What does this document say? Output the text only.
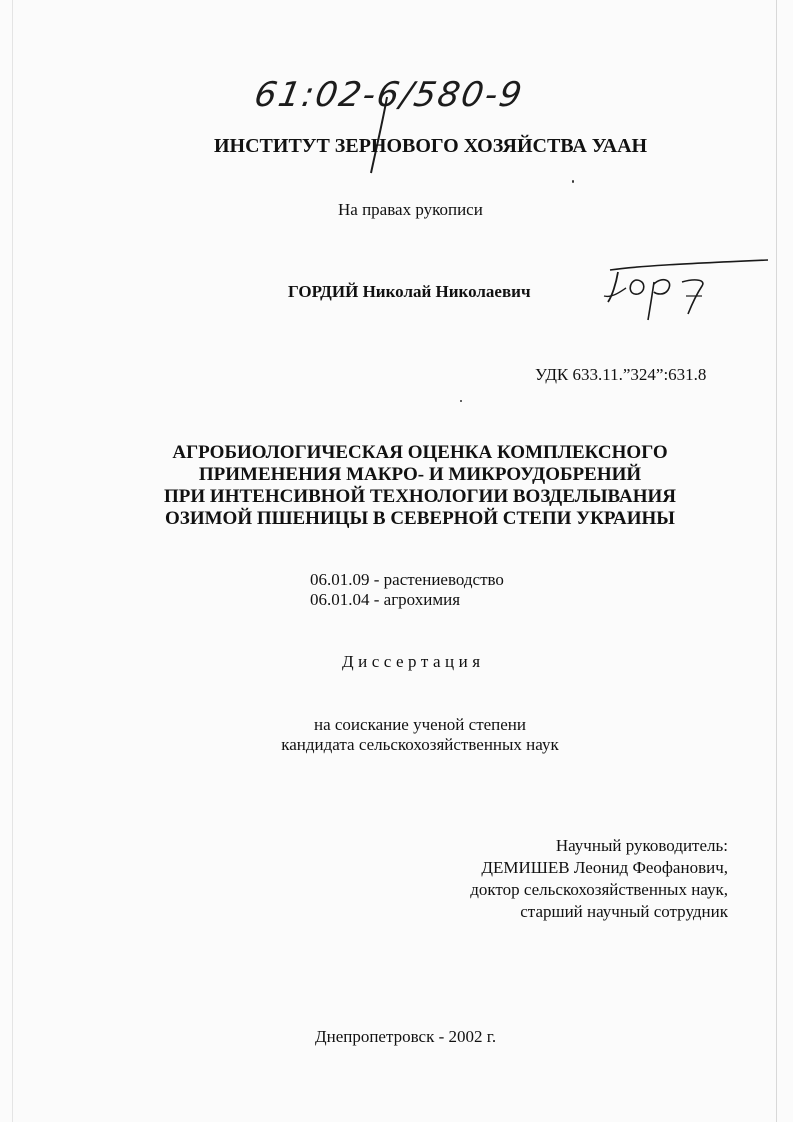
61:02-6/580-9
ИНСТИТУТ ЗЕРНОВОГО ХОЗЯЙСТВА УААН
На правах рукописи
ГОРДИЙ Николай Николаевич
УДК 633.11.”324”:631.8
АГРОБИОЛОГИЧЕСКАЯ ОЦЕНКА КОМПЛЕКСНОГО
ПРИМЕНЕНИЯ МАКРО- И МИКРОУДОБРЕНИЙ
ПРИ ИНТЕНСИВНОЙ ТЕХНОЛОГИИ ВОЗДЕЛЫВАНИЯ
ОЗИМОЙ ПШЕНИЦЫ В СЕВЕРНОЙ СТЕПИ УКРАИНЫ
06.01.09 - растениеводство
06.01.04 - агрохимия
Диссертация
на соискание ученой степени
кандидата сельскохозяйственных наук
Научный руководитель:
ДЕМИШЕВ Леонид Феофанович,
доктор сельскохозяйственных наук,
старший научный сотрудник
Днепропетровск - 2002 г.
